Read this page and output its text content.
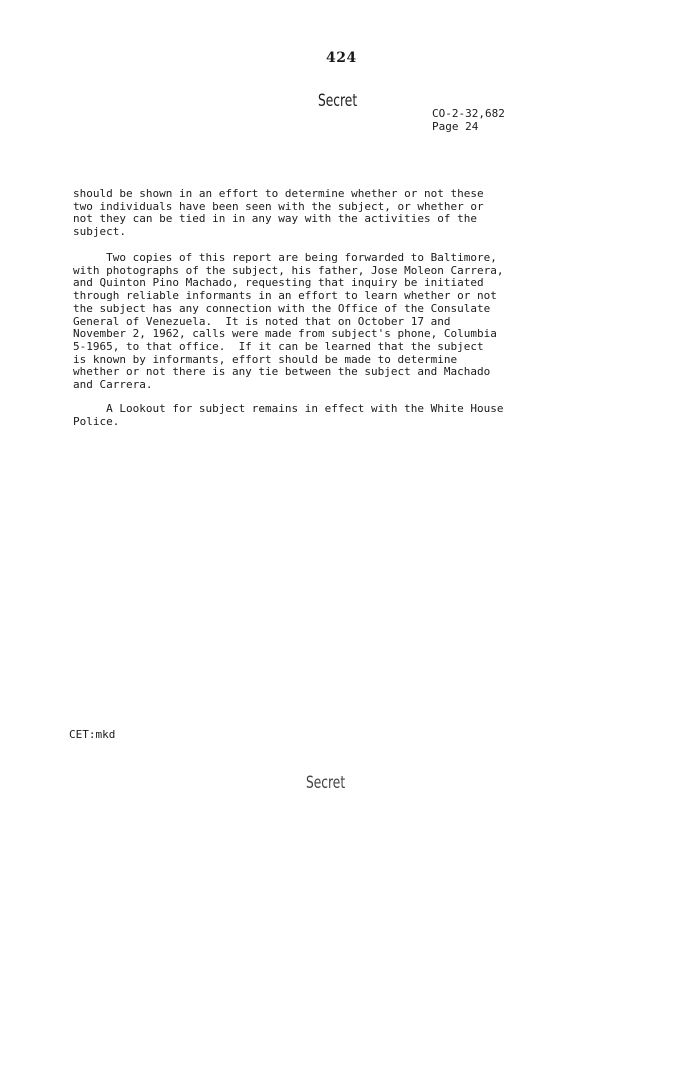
424
Secret
CO-2-32,682
Page 24
should be shown in an effort to determine whether or not these
two individuals have been seen with the subject, or whether or
not they can be tied in in any way with the activities of the
subject.
Two copies of this report are being forwarded to Baltimore,
with photographs of the subject, his father, Jose Moleon Carrera,
and Quinton Pino Machado, requesting that inquiry be initiated
through reliable informants in an effort to learn whether or not
the subject has any connection with the Office of the Consulate
General of Venezuela.  It is noted that on October 17 and
November 2, 1962, calls were made from subject's phone, Columbia
5-1965, to that office.  If it can be learned that the subject
is known by informants, effort should be made to determine
whether or not there is any tie between the subject and Machado
and Carrera.
A Lookout for subject remains in effect with the White House
Police.
CET:mkd
Secret
